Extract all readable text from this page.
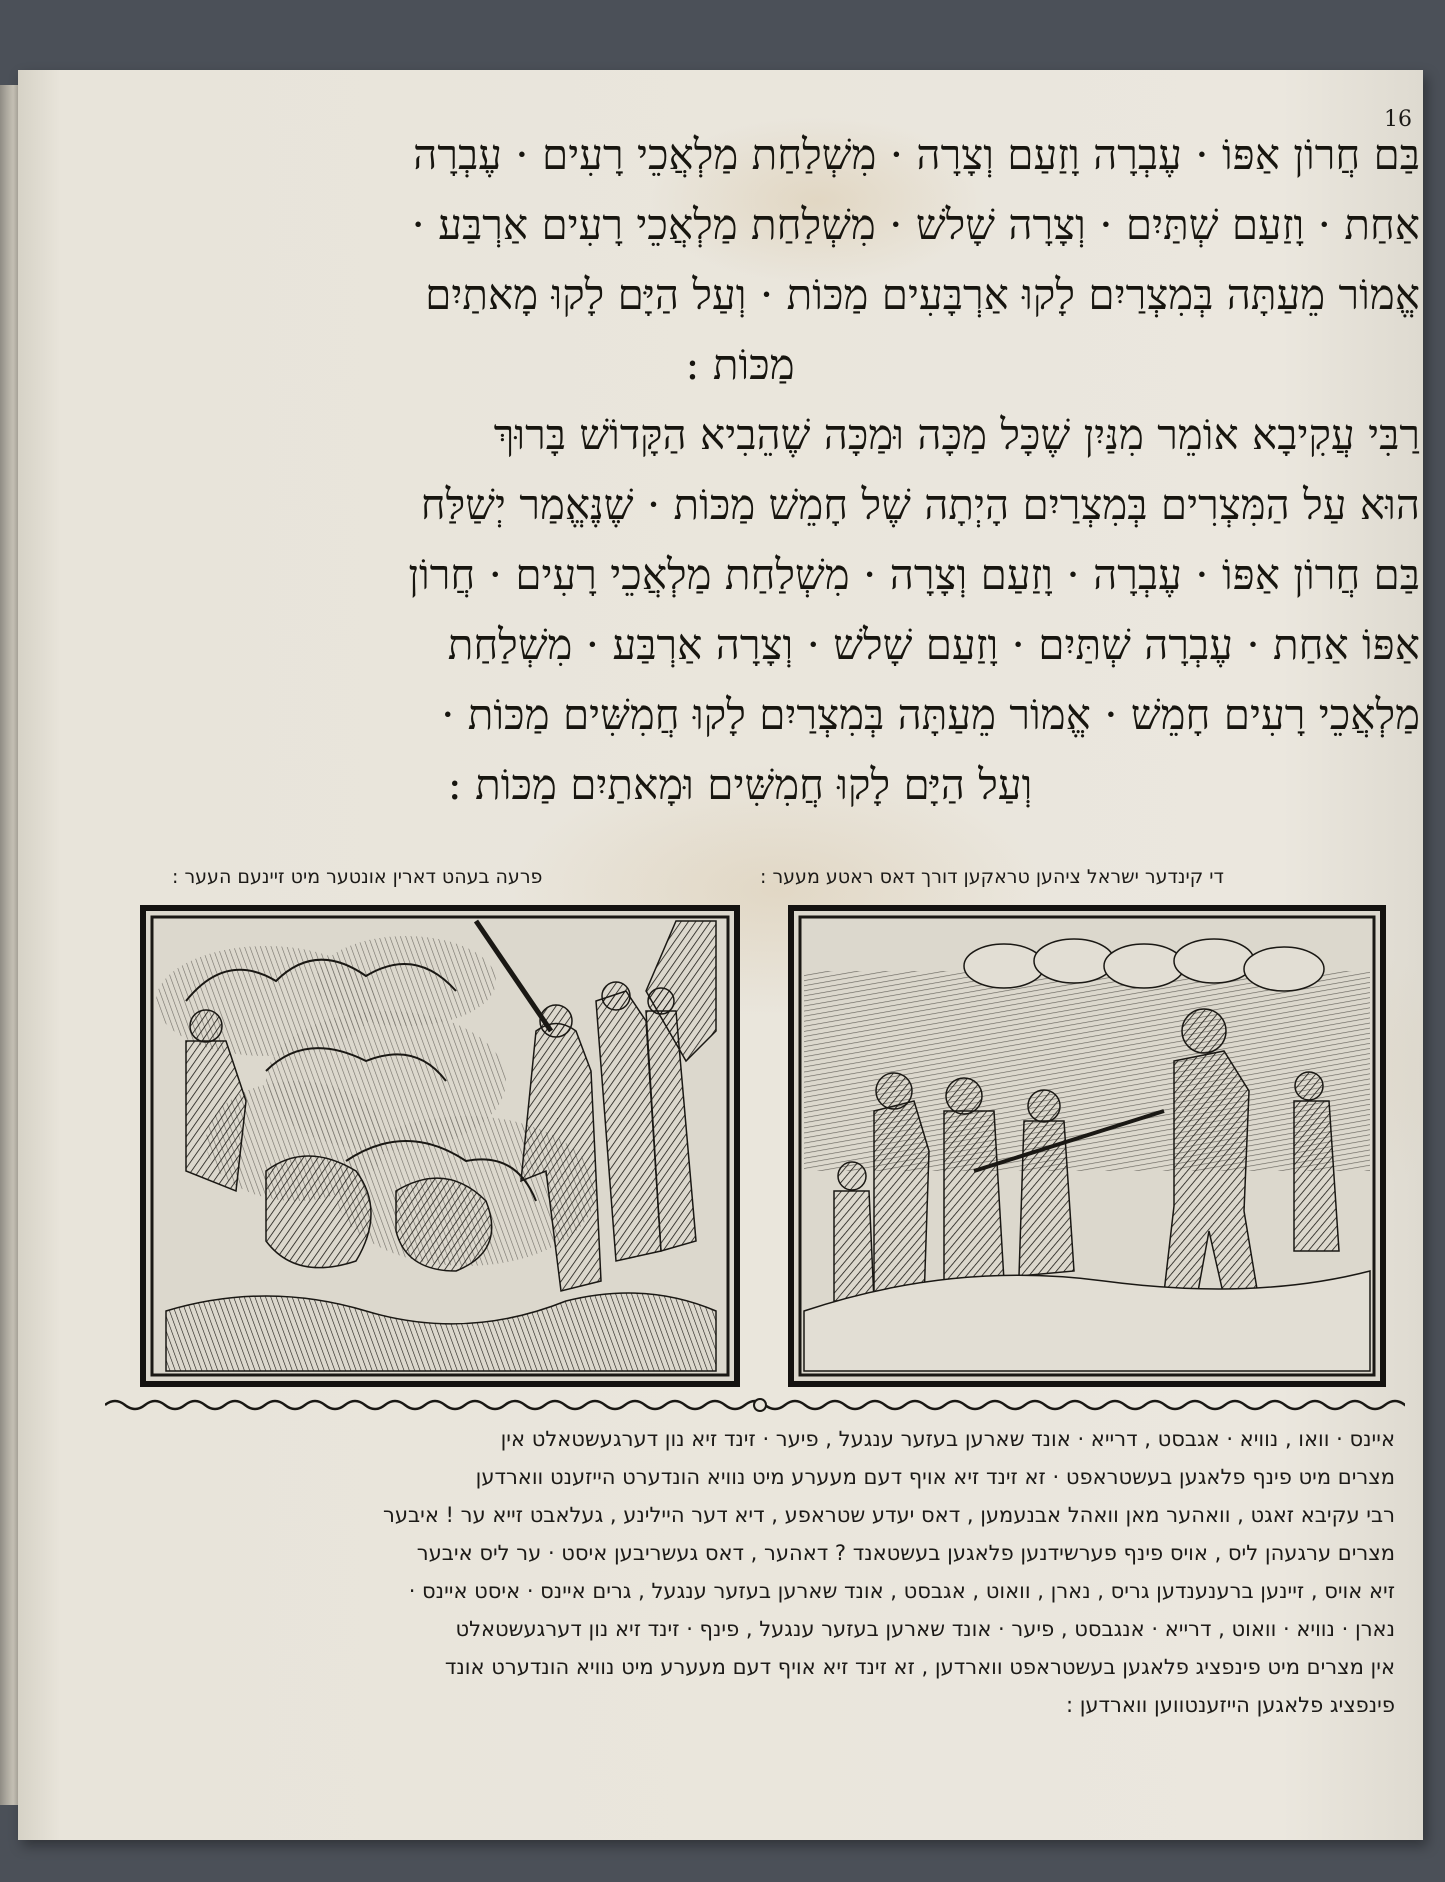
16
בַּם חֲרוֹן אַפּוֹ · עֶבְרָה וָזַעַם וְצָרָה · מִשְׁלַחַת מַלְאֲכֵי רָעִים · עֶבְרָה
אַחַת · וָזַעַם שְׁתַּיִם · וְצָרָה שָׁלשׁ · מִשְׁלַחַת מַלְאֲכֵי רָעִים אַרְבַּע ·
אֱמוֹר מֵעַתָּה בְּמִצְרַיִם לָקוּ אַרְבָּעִים מַכּוֹת · וְעַל הַיָּם לָקוּ מָאתַיִם
מַכּוֹת :
רַבִּי עֲקִיבָא אוֹמֵר מִנַּיִן שֶׁכָּל מַכָּה וּמַכָּה שֶׁהֵבִיא הַקָּדוֹשׁ בָּרוּךְ
הוּא עַל הַמִּצְרִים בְּמִצְרַיִם הָיְתָה שֶׁל חָמֵשׁ מַכּוֹת · שֶׁנֶּאֱמַר יְשַׁלַּח
בַּם חֲרוֹן אַפּוֹ · עֶבְרָה · וָזַעַם וְצָרָה · מִשְׁלַחַת מַלְאֲכֵי רָעִים · חֲרוֹן
אַפּוֹ אַחַת · עֶבְרָה שְׁתַּיִם · וָזַעַם שָׁלשׁ · וְצָרָה אַרְבַּע · מִשְׁלַחַת
מַלְאֲכֵי רָעִים חָמֵשׁ · אֱמוֹר מֵעַתָּה בְּמִצְרַיִם לָקוּ חֲמִשִּׁים מַכּוֹת ·
וְעַל הַיָּם לָקוּ חֲמִשִּׁים וּמָאתַיִם מַכּוֹת :
די קינדער ישראל ציהען טראקען דורך דאס ראטע מעער :
פרעה בעהט דארין אונטער מיט זיינעם העער :
איינס · וואו , נוויא · אגבסט , דרייא · אונד שארען בעזער ענגעל , פיער · זינד זיא נון דערגעשטאלט אין
מצרים מיט פינף פלאגען בעשטראפט · זא זינד זיא אויף דעם מעערע מיט נוויא הונדערט הייזענט ווארדען
רבי עקיבא זאגט , וואהער מאן וואהל אבנעמען , דאס יעדע שטראפע , דיא דער היילינע , געלאבט זייא ער ! איבער
מצרים ערגעהן ליס , אויס פינף פערשידנען פלאגען בעשטאנד ? דאהער , דאס געשריבען איסט · ער ליס איבער
זיא אויס , זיינען ברענענדען גריס , נארן , וואוט , אגבסט , אונד שארען בעזער ענגעל , גרים איינס · איסט איינס ·
נארן · נוויא · וואוט , דרייא · אנגבסט , פיער · אונד שארען בעזער ענגעל , פינף · זינד זיא נון דערגעשטאלט
אין מצרים מיט פינפציג פלאגען בעשטראפט ווארדען , זא זינד זיא אויף דעם מעערע מיט נוויא הונדערט אונד
פינפציג פלאגען הייזענטווען ווארדען :
